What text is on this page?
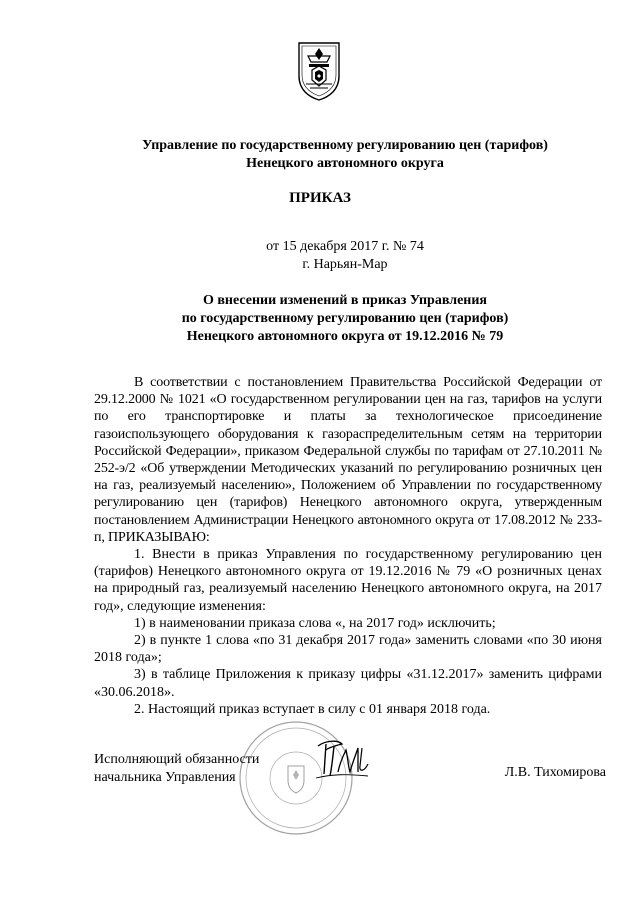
Управление по государственному регулированию цен (тарифов)
Ненецкого автономного округа
ПРИКАЗ
от 15 декабря 2017 г. № 74
г. Нарьян-Мар
О внесении изменений в приказ Управления
по государственному регулированию цен (тарифов)
Ненецкого автономного округа от 19.12.2016 № 79

В соответствии с постановлением Правительства Российской Федерации от 29.12.2000 № 1021 «О государственном регулировании цен на газ, тарифов на услуги по его транспортировке и платы за технологическое присоединение газоиспользующего оборудования к газораспределительным сетям на территории Российской Федерации», приказом Федеральной службы по тарифам от 27.10.2011 № 252-э/2 «Об утверждении Методических указаний по регулированию розничных цен на газ, реализуемый населению», Положением об Управлении по государственному регулированию цен (тарифов) Ненецкого автономного округа, утвержденным постановлением Администрации Ненецкого автономного округа от 17.08.2012 № 233-п, ПРИКАЗЫВАЮ:

1. Внести в приказ Управления по государственному регулированию цен (тарифов) Ненецкого автономного округа от 19.12.2016 № 79 «О розничных ценах на природный газ, реализуемый населению Ненецкого автономного округа, на 2017 год», следующие изменения:

1) в наименовании приказа слова «, на 2017 год» исключить;

2) в пункте 1 слова «по 31 декабря 2017 года» заменить словами «по 30 июня 2018 года»;

3) в таблице Приложения к приказу цифры «31.12.2017» заменить цифрами «30.06.2018».

2. Настоящий приказ вступает в силу с 01 января 2018 года.

Исполняющий обязанности
начальника Управления	Л.В. Тихомирова
